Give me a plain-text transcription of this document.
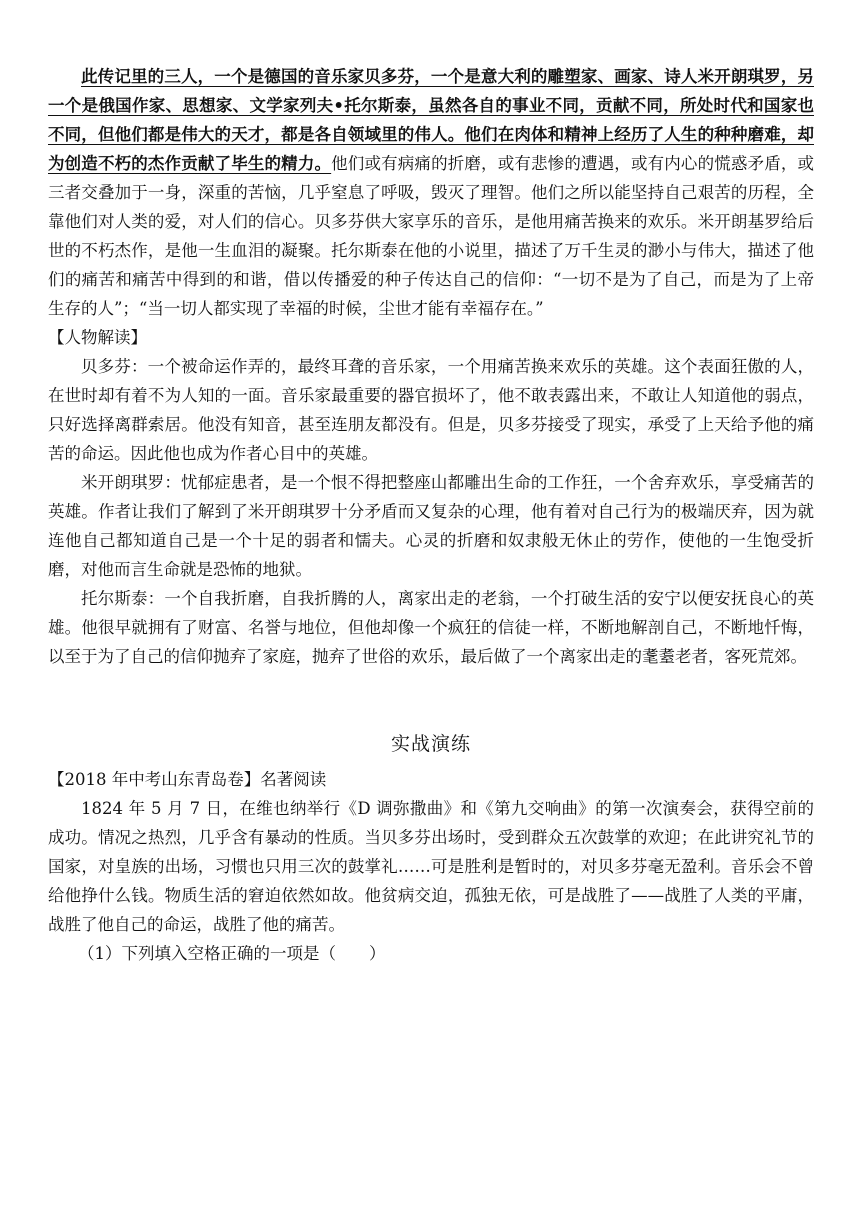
此传记里的三人，一个是德国的音乐家贝多芬，一个是意大利的雕塑家、画家、诗人米开朗琪罗，另一个是俄国作家、思想家、文学家列夫•托尔斯泰，虽然各自的事业不同，贡献不同，所处时代和国家也不同，但他们都是伟大的天才，都是各自领域里的伟人。他们在肉体和精神上经历了人生的种种磨难，却为创造不朽的杰作贡献了毕生的精力。他们或有病痛的折磨，或有悲惨的遭遇，或有内心的慌惑矛盾，或三者交叠加于一身，深重的苦恼，几乎窒息了呼吸，毁灭了理智。他们之所以能坚持自己艰苦的历程，全靠他们对人类的爱，对人们的信心。贝多芬供大家享乐的音乐，是他用痛苦换来的欢乐。米开朗基罗给后世的不朽杰作，是他一生血泪的凝聚。托尔斯泰在他的小说里，描述了万千生灵的渺小与伟大，描述了他们的痛苦和痛苦中得到的和谐，借以传播爱的种子传达自己的信仰：“一切不是为了自己，而是为了上帝生存的人”；“当一切人都实现了幸福的时候，尘世才能有幸福存在。”

【人物解读】

贝多芬：一个被命运作弄的，最终耳聋的音乐家，一个用痛苦换来欢乐的英雄。这个表面狂傲的人，在世时却有着不为人知的一面。音乐家最重要的器官损坏了，他不敢表露出来，不敢让人知道他的弱点，只好选择离群索居。他没有知音，甚至连朋友都没有。但是，贝多芬接受了现实，承受了上天给予他的痛苦的命运。因此他也成为作者心目中的英雄。

米开朗琪罗：忧郁症患者，是一个恨不得把整座山都雕出生命的工作狂，一个舍弃欢乐，享受痛苦的英雄。作者让我们了解到了米开朗琪罗十分矛盾而又复杂的心理，他有着对自己行为的极端厌弃，因为就连他自己都知道自己是一个十足的弱者和懦夫。心灵的折磨和奴隶般无休止的劳作，使他的一生饱受折磨，对他而言生命就是恐怖的地狱。

托尔斯泰：一个自我折磨，自我折腾的人，离家出走的老翁，一个打破生活的安宁以便安抚良心的英雄。他很早就拥有了财富、名誉与地位，但他却像一个疯狂的信徒一样，不断地解剖自己，不断地忏悔，以至于为了自己的信仰抛弃了家庭，抛弃了世俗的欢乐，最后做了一个离家出走的耄耋老者，客死荒郊。

实战演练

【2018 年中考山东青岛卷】名著阅读

1824 年 5 月 7 日，在维也纳举行《D 调弥撒曲》和《第九交响曲》的第一次演奏会，获得空前的成功。情况之热烈，几乎含有暴动的性质。当贝多芬出场时，受到群众五次鼓掌的欢迎；在此讲究礼节的国家，对皇族的出场，习惯也只用三次的鼓掌礼……可是胜利是暂时的，对贝多芬毫无盈利。音乐会不曾给他挣什么钱。物质生活的窘迫依然如故。他贫病交迫，孤独无依，可是战胜了——战胜了人类的平庸，战胜了他自己的命运，战胜了他的痛苦。

（1）下列填入空格正确的一项是（　　）
